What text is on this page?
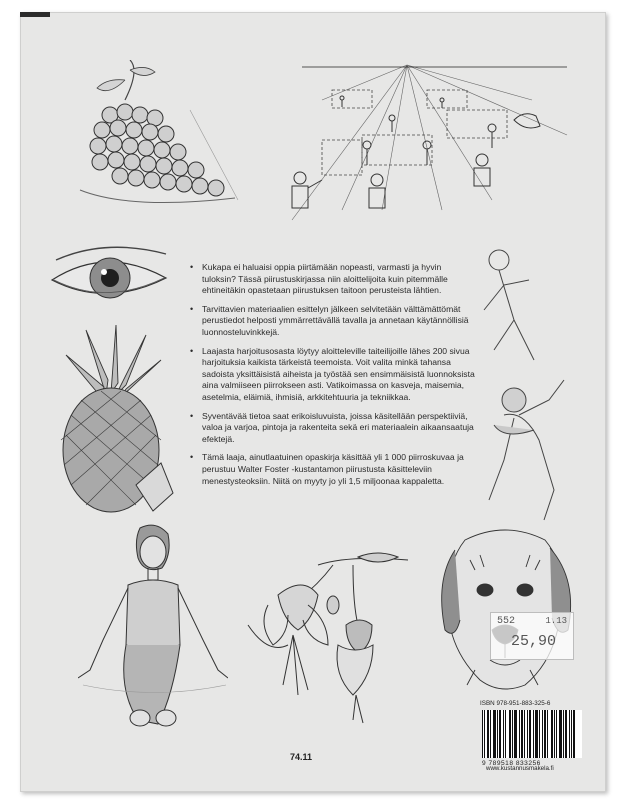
• Kukapa ei haluaisi oppia piirtämään nopeasti, varmasti ja hyvin tuloksin? Tässä piirustuskirjassa niin aloittelijoita kuin pitemmälle ehtineitäkin opastetaan piirustuksen taitoon perusteista lähtien.

• Tarvittavien materiaalien esittelyn jälkeen selvitetään välttämättömät perustiedot helposti ymmärrettävällä tavalla ja annetaan käytännöllisiä luonnosteluvinkkejä.

• Laajasta harjoitusosasta löytyy aloitteleville taiteilijoille lähes 200 sivua harjoituksia kaikista tärkeistä teemoista. Voit valita minkä tahansa sadoista yksittäisistä aiheista ja työstää sen ensimmäisistä luonnoksista aina valmiiseen piirrokseen asti. Vatikoimassa on kasveja, maisemia, asetelmia, eläimiä, ihmisiä, arkkitehtuuria ja tekniikkaa.

• Syventävää tietoa saat erikoisluvuista, joissa käsitellään perspektiiviä, valoa ja varjoa, pintoja ja rakenteita sekä eri materiaalein aikaansaatuja efektejä.

• Tämä laaja, ainutlaatuinen opaskirja käsittää yli 1 000 piirroskuvaa ja perustuu Walter Foster -kustantamon piirustusta käsitteleviin menestysteoksiin. Niitä on myyty jo yli 1,5 miljoonaa kappaletta.

552	1.13
25,90
ISBN 978-951-883-325-6
9 789518 833256
74.11
www.kustannusmakela.fi
